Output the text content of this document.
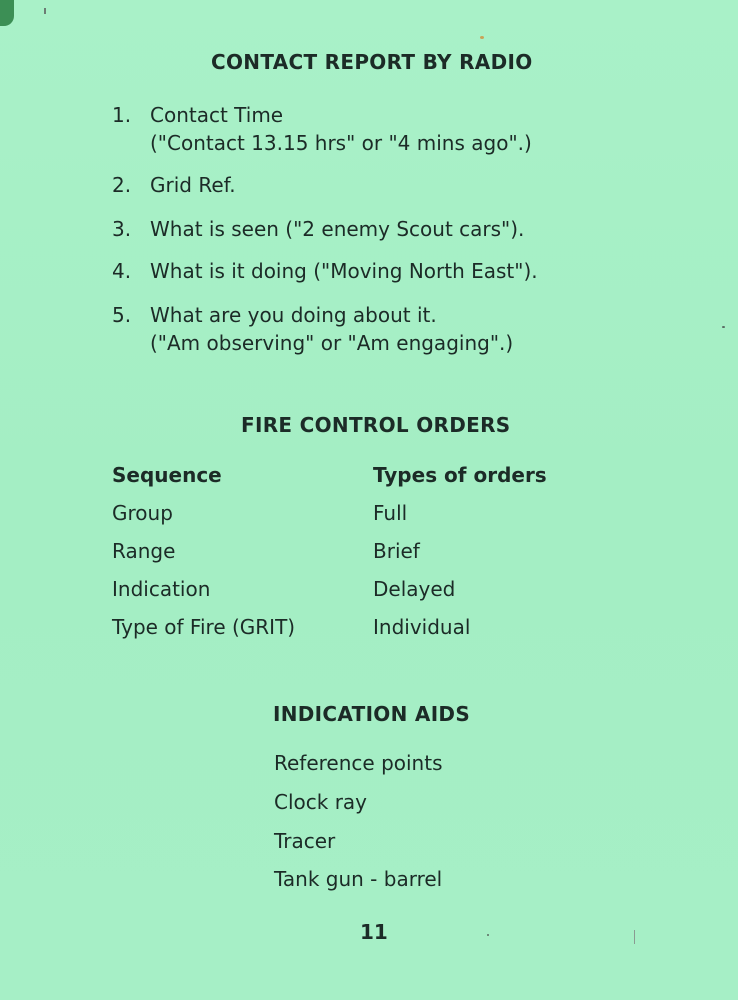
CONTACT REPORT BY RADIO
1. Contact Time
("Contact 13.15 hrs" or "4 mins ago".)
2. Grid Ref.
3. What is seen ("2 enemy Scout cars").
4. What is it doing ("Moving North East").
5. What are you doing about it.
("Am observing" or "Am engaging".)
FIRE CONTROL ORDERS
Sequence	Types of orders
Group	Full
Range	Brief
Indication	Delayed
Type of Fire (GRIT)	Individual
INDICATION AIDS
Reference points
Clock ray
Tracer
Tank gun - barrel
11
